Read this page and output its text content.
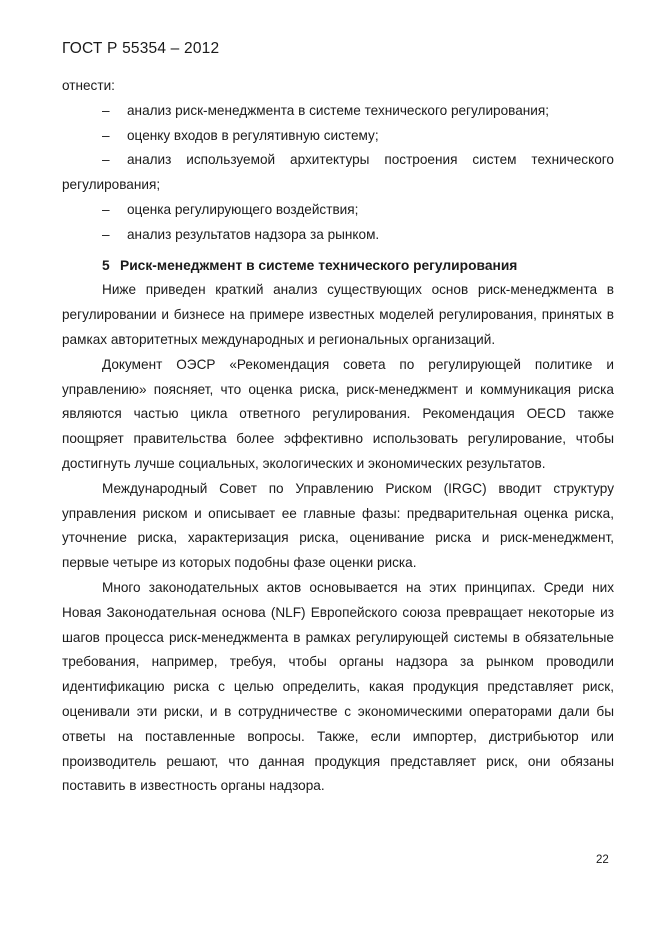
ГОСТ Р 55354 – 2012

отнести:

– анализ риск-менеджмента в системе технического регулирования;

– оценку входов в регулятивную систему;

– анализ используемой архитектуры построения систем технического регулирования;

– оценка регулирующего воздействия;

– анализ результатов надзора за рынком.

5 Риск-менеджмент в системе технического регулирования

Ниже приведен краткий анализ существующих основ риск-менеджмента в регулировании и бизнесе на примере известных моделей регулирования, принятых в рамках авторитетных международных и региональных организаций.

Документ ОЭСР «Рекомендация совета по регулирующей политике и управлению» поясняет, что оценка риска, риск-менеджмент и коммуникация риска являются частью цикла ответного регулирования. Рекомендация OECD также поощряет правительства более эффективно использовать регулирование, чтобы достигнуть лучше социальных, экологических и экономических результатов.

Международный Совет по Управлению Риском (IRGC) вводит структуру управления риском и описывает ее главные фазы: предварительная оценка риска, уточнение риска, характеризация риска, оценивание риска и риск-менеджмент, первые четыре из которых подобны фазе оценки риска.

Много законодательных актов основывается на этих принципах. Среди них Новая Законодательная основа (NLF) Европейского союза превращает некоторые из шагов процесса риск-менеджмента в рамках регулирующей системы в обязательные требования, например, требуя, чтобы органы надзора за рынком проводили идентификацию риска с целью определить, какая продукция представляет риск, оценивали эти риски, и в сотрудничестве с экономическими операторами дали бы ответы на поставленные вопросы. Также, если импортер, дистрибьютор или производитель решают, что данная продукция представляет риск, они обязаны поставить в известность органы надзора.

22
